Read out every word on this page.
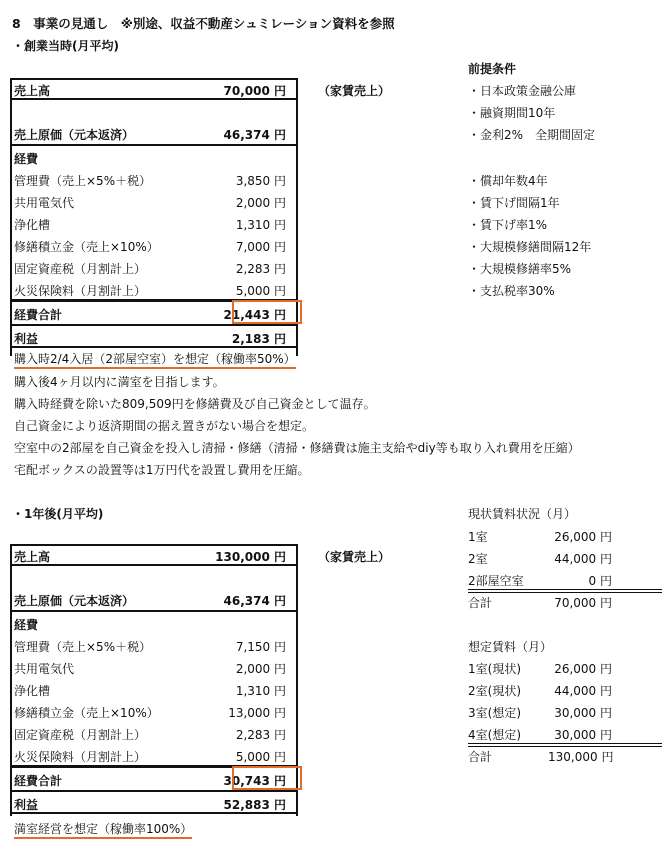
8　事業の見通し　※別途、収益不動産シュミレーション資料を参照
・創業当時(月平均)
前提条件
・日本政策金融公庫
・融資期間10年
・金利2%　全期間固定
・償却年数4年
・賃下げ間隔1年
・賃下げ率1%
・大規模修繕間隔12年
・大規模修繕率5%
・支払税率30%
売上高	70,000 円	（家賃売上）
売上原価（元本返済）	46,374 円
経費
管理費（売上×5%＋税）	3,850 円
共用電気代	2,000 円
浄化槽	1,310 円
修繕積立金（売上×10%）	7,000 円
固定資産税（月割計上）	2,283 円
火災保険料（月割計上）	5,000 円
経費合計	21,443 円
利益	2,183 円
購入時2/4入居（2部屋空室）を想定（稼働率50%）
購入後4ヶ月以内に満室を目指します。
購入時経費を除いた809,509円を修繕費及び自己資金として温存。
自己資金により返済期間の据え置きがない場合を想定。
空室中の2部屋を自己資金を投入し清掃・修繕（清掃・修繕費は施主支給やdiy等も取り入れ費用を圧縮）
宅配ボックスの設置等は1万円代を設置し費用を圧縮。
・1年後(月平均)
売上高	130,000 円	（家賃売上）
売上原価（元本返済）	46,374 円
経費
管理費（売上×5%＋税）	7,150 円
共用電気代	2,000 円
浄化槽	1,310 円
修繕積立金（売上×10%）	13,000 円
固定資産税（月割計上）	2,283 円
火災保険料（月割計上）	5,000 円
経費合計	30,743 円
利益	52,883 円
満室経営を想定（稼働率100%）
現状賃料状況（月）
1室	26,000 円
2室	44,000 円
2部屋空室	0 円
合計	70,000 円
想定賃料（月）
1室(現状)	26,000 円
2室(現状)	44,000 円
3室(想定)	30,000 円
4室(想定)	30,000 円
合計	130,000 円
